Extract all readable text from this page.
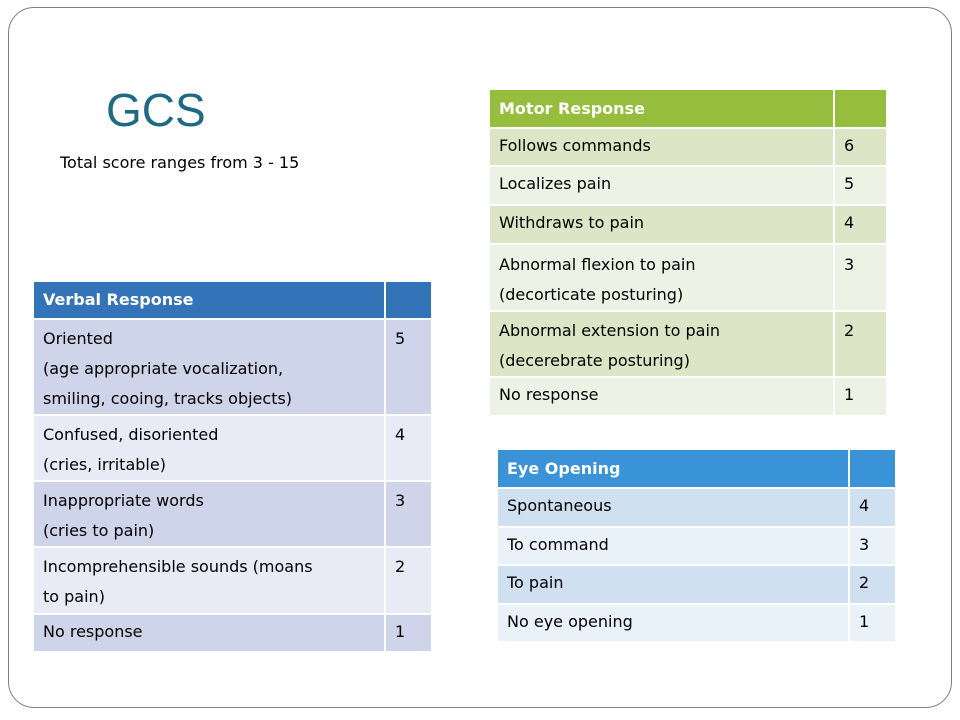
GCS
Total score ranges from 3 - 15
Motor Response	
Follows commands	6
Localizes pain	5
Withdraws to pain	4

Abnormal flexion to pain
(decorticate posturing)	3

Abnormal extension to pain
(decerebrate posturing)	2
No response	1
Verbal Response	

Oriented
(age appropriate vocalization,
smiling, cooing, tracks objects)	5

Confused, disoriented
(cries, irritable)	4

Inappropriate words
(cries to pain)	3

Incomprehensible sounds (moans
to pain)	2
No response	1
Eye Opening	
Spontaneous	4
To command	3
To pain	2
No eye opening	1
